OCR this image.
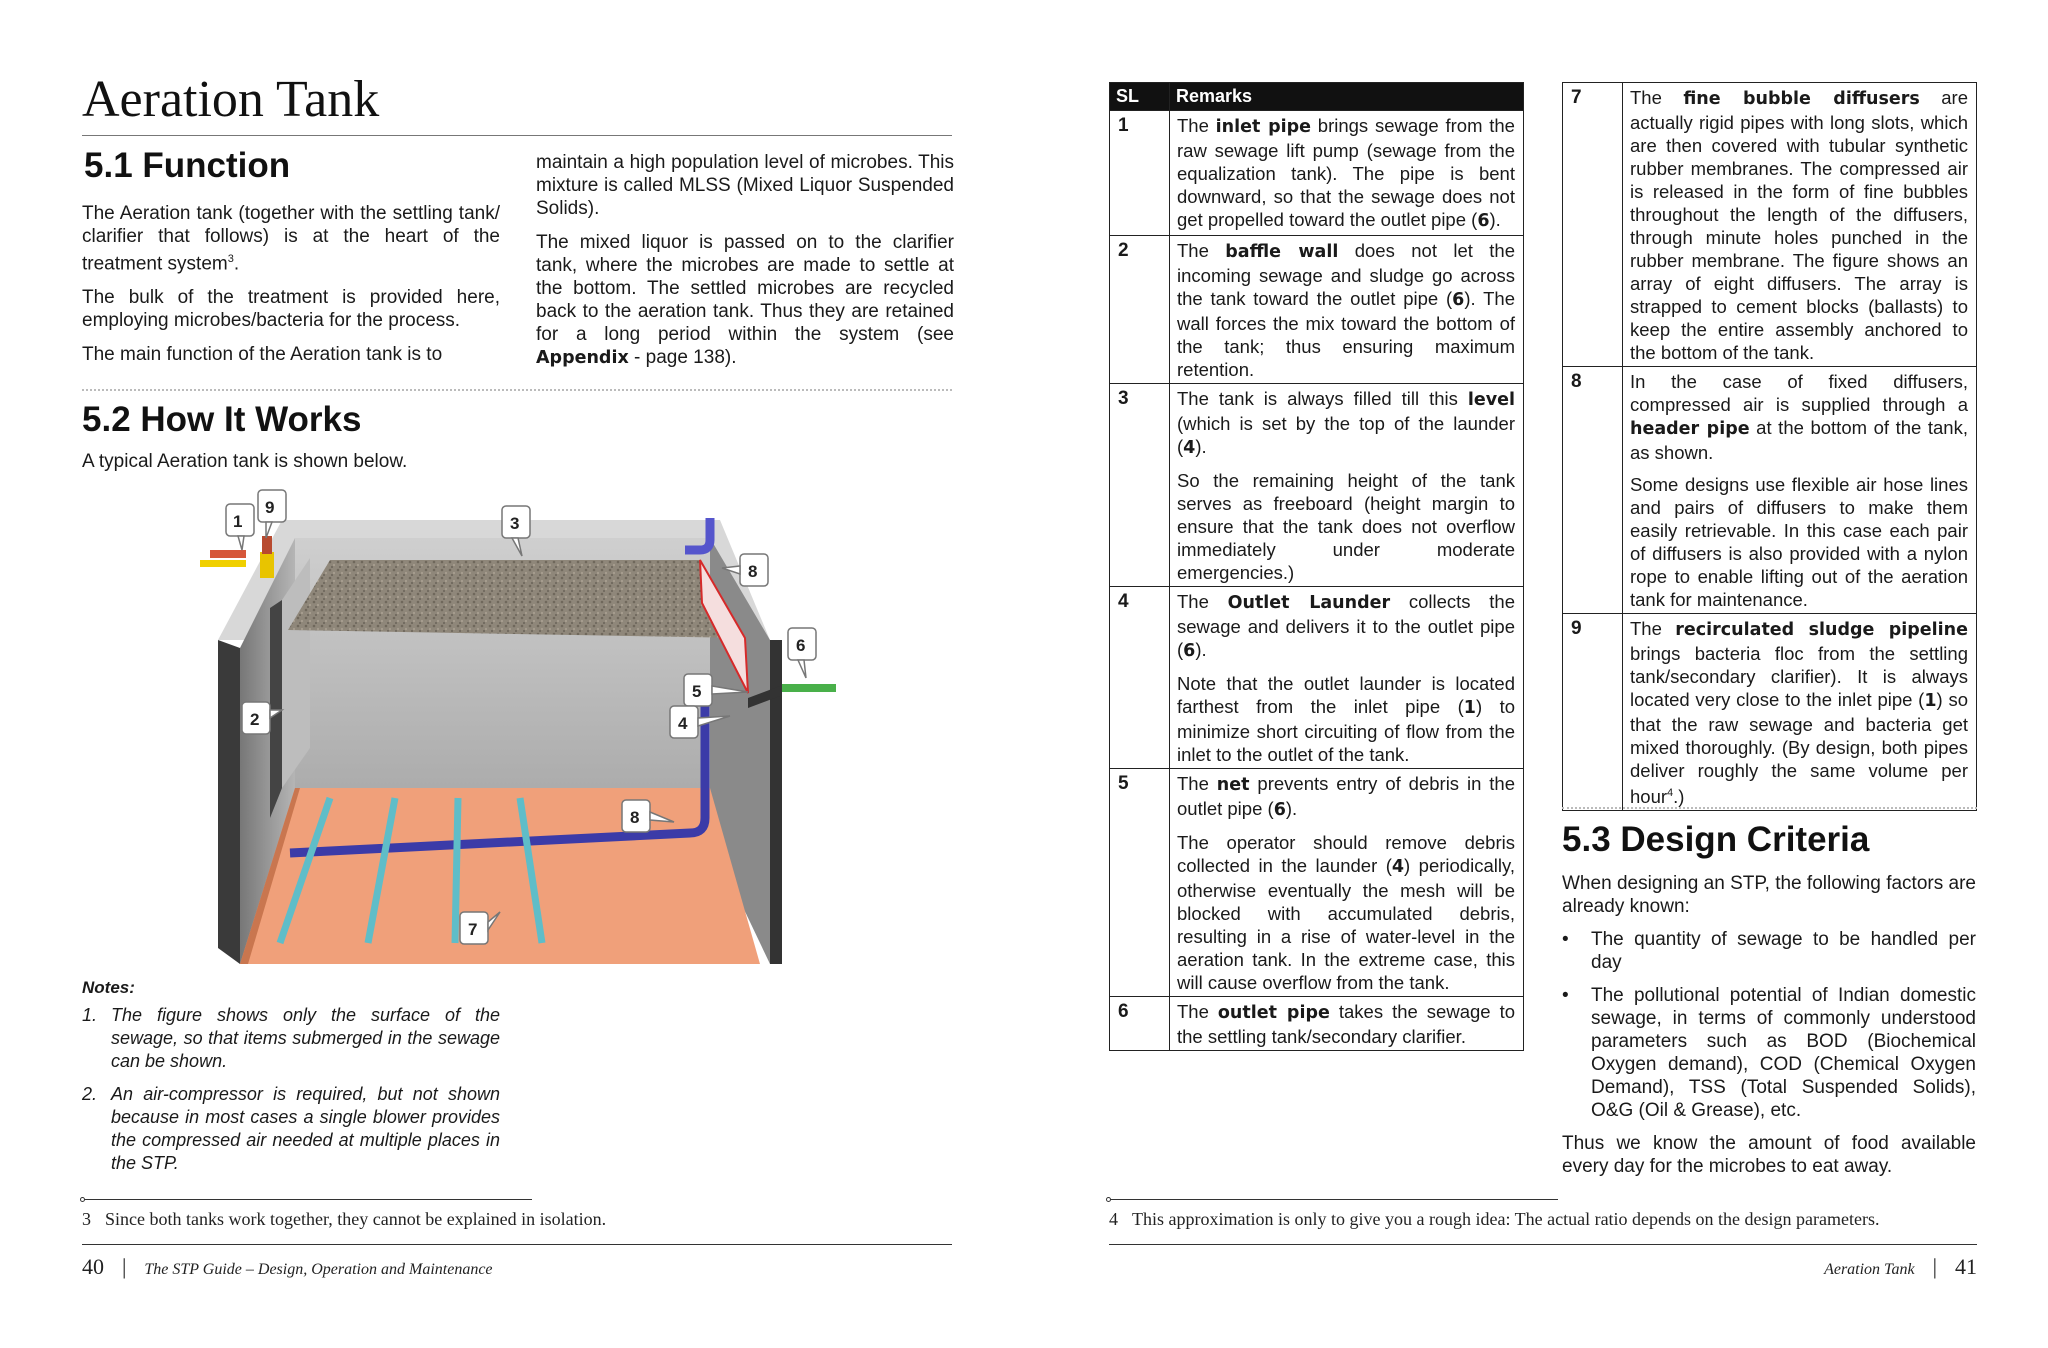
Aeration Tank
5.1 Function

The Aeration tank (together with the settling tank/ clarifier that follows) is at the heart of the treatment system$^3$.

The bulk of the treatment is provided here, employing microbes/bacteria for the process.

The main function of the Aeration tank is to

maintain a high population level of microbes. This mixture is called MLSS (Mixed Liquor Suspended Solids).

The mixed liquor is passed on to the clarifier tank, where the microbes are made to settle at the bottom. The settled microbes are recycled back to the aeration tank. Thus they are retained for a long period within the system (see Appendix - page 138).

5.2 How It Works

A typical Aeration tank is shown below.

1
9
3
8
6
2
5
4
8
7
Notes:
1. The figure shows only the surface of the sewage, so that items submerged in the sewage can be shown.
2. An air-compressor is required, but not shown because in most cases a single blower provides the compressed air needed at multiple places in the STP.
3 Since both tanks work together, they cannot be explained in isolation.
40 | The STP Guide – Design, Operation and Maintenance
SL	Remarks
1	The inlet pipe brings sewage from the raw sewage lift pump (sewage from the equalization tank). The pipe is bent downward, so that the sewage does not get propelled toward the outlet pipe (6).
2	The baffle wall does not let the incoming sewage and sludge go across the tank toward the outlet pipe (6). The wall forces the mix toward the bottom of the tank; thus ensuring maximum retention.
3	The tank is always filled till this level (which is set by the top of the launder (4).

So the remaining height of the tank serves as freeboard (height margin to ensure that the tank does not overflow immediately under moderate emergencies.)

4	The Outlet Launder collects the sewage and delivers it to the outlet pipe (6).

Note that the outlet launder is located farthest from the inlet pipe (1) to minimize short circuiting of flow from the inlet to the outlet of the tank.

5	The net prevents entry of debris in the outlet pipe (6).

The operator should remove debris collected in the launder (4) periodically, otherwise eventually the mesh will be blocked with accumulated debris, resulting in a rise of water-level in the aeration tank. In the extreme case, this will cause overflow from the tank.

6	The outlet pipe takes the sewage to the settling tank/secondary clarifier.
7	The fine bubble diffusers are actually rigid pipes with long slots, which are then covered with tubular synthetic rubber membranes. The compressed air is released in the form of fine bubbles throughout the length of the diffusers, through minute holes punched in the rubber membrane. The figure shows an array of eight diffusers. The array is strapped to cement blocks (ballasts) to keep the entire assembly anchored to the bottom of the tank.
8	In the case of fixed diffusers, compressed air is supplied through a header pipe at the bottom of the tank, as shown.

Some designs use flexible air hose lines and pairs of diffusers to make them easily retrievable. In this case each pair of diffusers is also provided with a nylon rope to enable lifting out of the aeration tank for maintenance.

9	The recirculated sludge pipeline brings bacteria floc from the settling tank/secondary clarifier). It is always located very close to the inlet pipe (1) so that the raw sewage and bacteria get mixed thoroughly. (By design, both pipes deliver roughly the same volume per hour$^4$.)
5.3 Design Criteria

When designing an STP, the following factors are already known:

• The quantity of sewage to be handled per day
• The pollutional potential of Indian domestic sewage, in terms of commonly understood parameters such as BOD (Biochemical Oxygen demand), COD (Chemical Oxygen Demand), TSS (Total Suspended Solids), O&G (Oil & Grease), etc.

Thus we know the amount of food available every day for the microbes to eat away.

4 This approximation is only to give you a rough idea: The actual ratio depends on the design parameters.
Aeration Tank | 41
